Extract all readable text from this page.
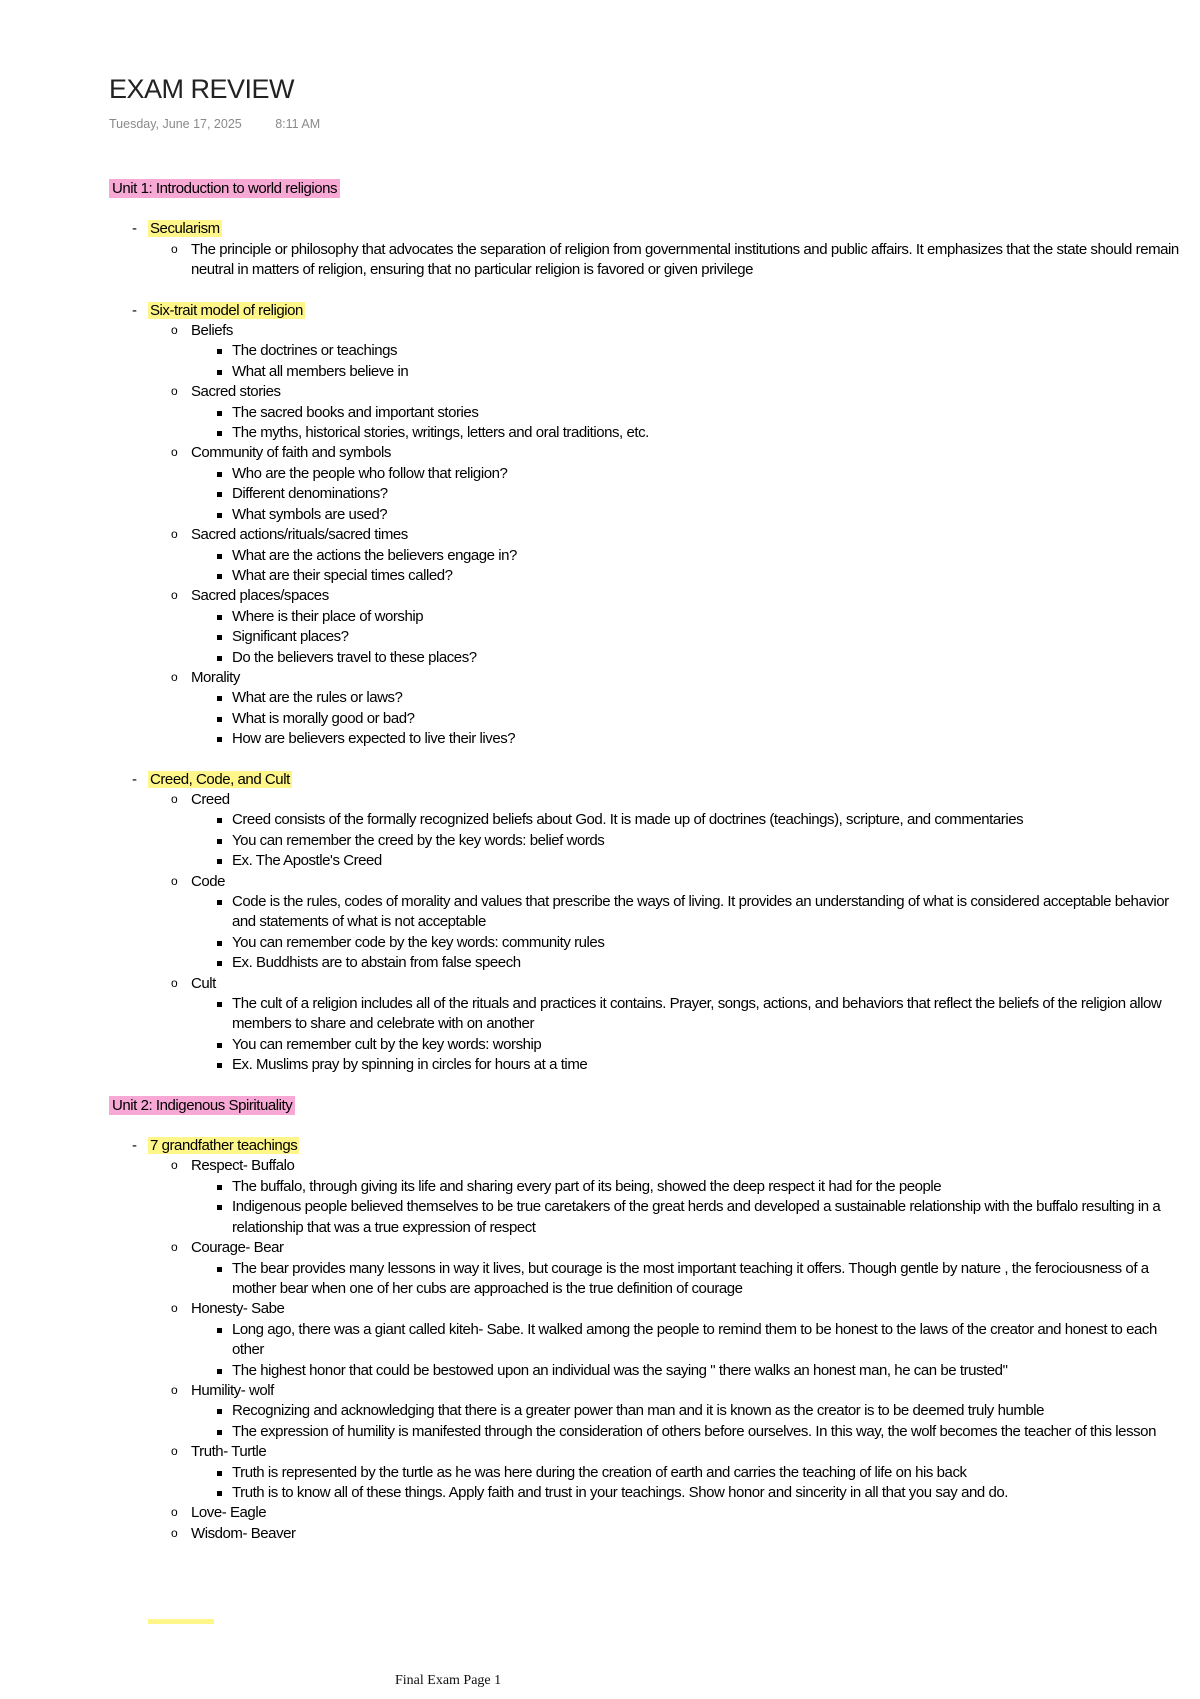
EXAM REVIEW
Tuesday, June 17, 2025	8:11 AM
Unit 1: Introduction to world religions
- Secularism
o The principle or philosophy that advocates the separation of religion from governmental institutions and public affairs. It emphasizes that the state should remain neutral in matters of religion, ensuring that no particular religion is favored or given privilege
- Six-trait model of religion
o Beliefs
The doctrines or teachings
What all members believe in
o Sacred stories
The sacred books and important stories
The myths, historical stories, writings, letters and oral traditions, etc.
o Community of faith and symbols
Who are the people who follow that religion?
Different denominations?
What symbols are used?
o Sacred actions/rituals/sacred times
What are the actions the believers engage in?
What are their special times called?
o Sacred places/spaces
Where is their place of worship
Significant places?
Do the believers travel to these places?
o Morality
What are the rules or laws?
What is morally good or bad?
How are believers expected to live their lives?
- Creed, Code, and Cult
o Creed
Creed consists of the formally recognized beliefs about God. It is made up of doctrines (teachings), scripture, and commentaries
You can remember the creed by the key words: belief words
Ex. The Apostle's Creed
o Code
Code is the rules, codes of morality and values that prescribe the ways of living. It provides an understanding of what is considered acceptable behavior and statements of what is not acceptable
You can remember code by the key words: community rules
Ex. Buddhists are to abstain from false speech
o Cult
The cult of a religion includes all of the rituals and practices it contains. Prayer, songs, actions, and behaviors that reflect the beliefs of the religion allow members to share and celebrate with on another
You can remember cult by the key words: worship
Ex. Muslims pray by spinning in circles for hours at a time
Unit 2: Indigenous Spirituality
- 7 grandfather teachings
o Respect- Buffalo
The buffalo, through giving its life and sharing every part of its being, showed the deep respect it had for the people
Indigenous people believed themselves to be true caretakers of the great herds and developed a sustainable relationship with the buffalo resulting in a relationship that was a true expression of respect
o Courage- Bear
The bear provides many lessons in way it lives, but courage is the most important teaching it offers. Though gentle by nature , the ferociousness of a mother bear when one of her cubs are approached is the true definition of courage
o Honesty- Sabe
Long ago, there was a giant called kiteh- Sabe. It walked among the people to remind them to be honest to the laws of the creator and honest to each other
The highest honor that could be bestowed upon an individual was the saying " there walks an honest man, he can be trusted"
o Humility- wolf
Recognizing and acknowledging that there is a greater power than man and it is known as the creator is to be deemed truly humble
The expression of humility is manifested through the consideration of others before ourselves. In this way, the wolf becomes the teacher of this lesson
o Truth- Turtle
Truth is represented by the turtle as he was here during the creation of earth and carries the teaching of life on his back
Truth is to know all of these things. Apply faith and trust in your teachings. Show honor and sincerity in all that you say and do.
o Love- Eagle
o Wisdom- Beaver
Final Exam Page 1
